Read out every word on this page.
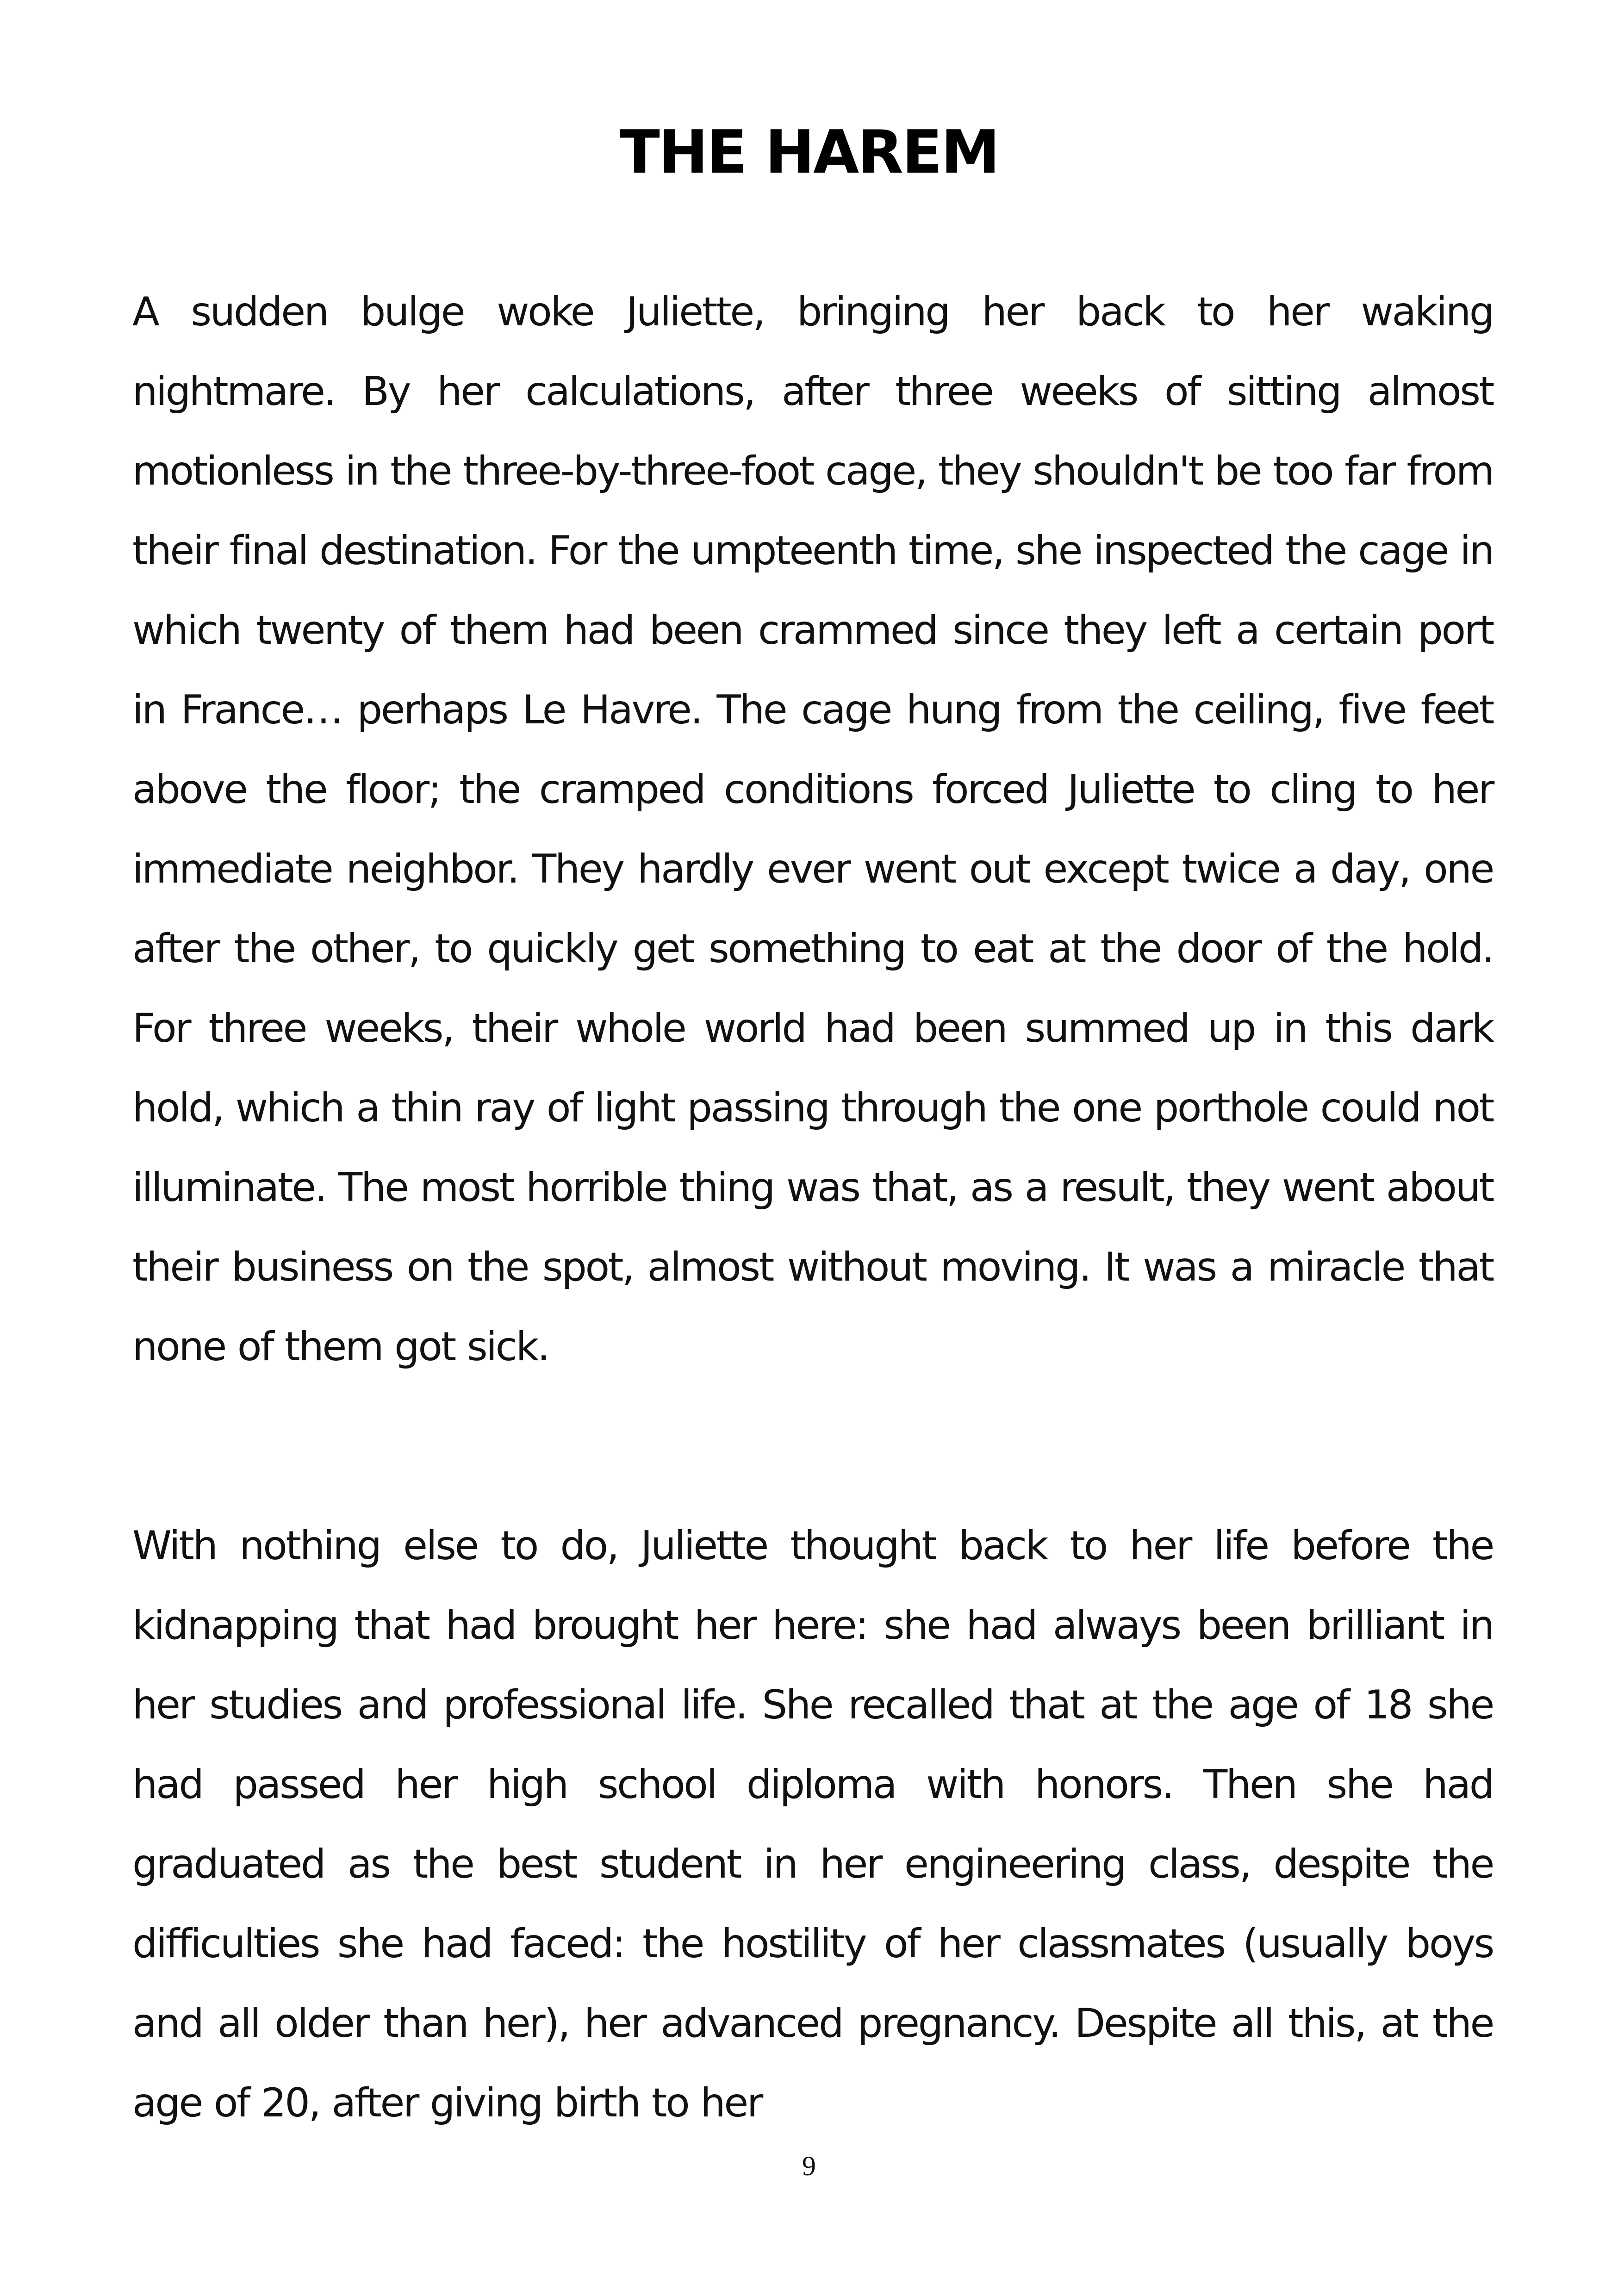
THE HAREM

A sudden bulge woke Juliette, bringing her back to her waking nightmare. By her calculations, after three weeks of sitting almost motionless in the three-by-three-foot cage, they shouldn't be too far from their final destination. For the umpteenth time, she inspected the cage in which twenty of them had been crammed since they left a certain port in France… perhaps Le Havre. The cage hung from the ceiling, five feet above the floor; the cramped conditions forced Juliette to cling to her immediate neighbor. They hardly ever went out except twice a day, one after the other, to quickly get something to eat at the door of the hold. For three weeks, their whole world had been summed up in this dark hold, which a thin ray of light passing through the one porthole could not illuminate. The most horrible thing was that, as a result, they went about their business on the spot, almost without moving. It was a miracle that none of them got sick.

With nothing else to do, Juliette thought back to her life before the kidnapping that had brought her here: she had always been brilliant in her studies and professional life. She recalled that at the age of 18 she had passed her high school diploma with honors. Then she had graduated as the best student in her engineering class, despite the difficulties she had faced: the hostility of her classmates (usually boys and all older than her), her advanced pregnancy. Despite all this, at the age of 20, after giving birth to her

9
